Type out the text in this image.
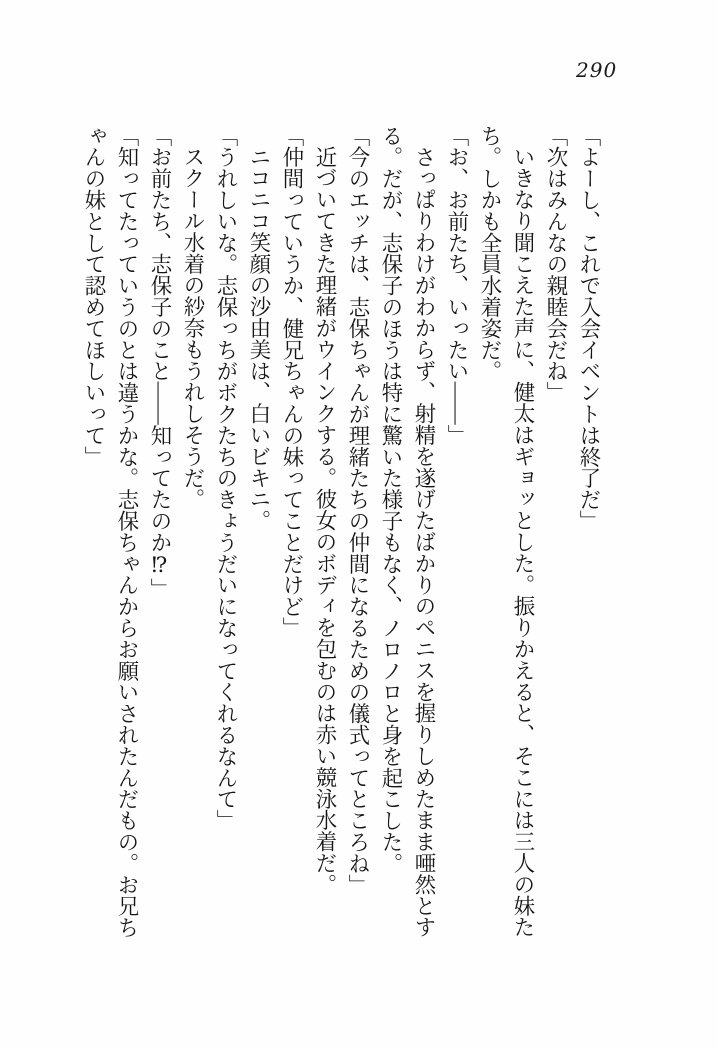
290

「よーし、これで入会イベントは終了だ」

「次はみんなの親睦会だね」

いきなり聞こえた声に、健太はギョッとした。振りかえると、そこには三人の妹たち。しかも全員水着姿だ。

「お、お前たち、いったい——」

さっぱりわけがわからず、射精を遂げたばかりのペニスを握りしめたまま唖然とする。だが、志保子のほうは特に驚いた様子もなく、ノロノロと身を起こした。

「今のエッチは、志保ちゃんが理緒たちの仲間になるための儀式ってところね」

近づいてきた理緒がウインクする。彼女のボディを包むのは赤い競泳水着だ。

「仲間っていうか、健兄ちゃんの妹ってことだけど」

ニコニコ笑顔の沙由美は、白いビキニ。

「うれしいな。志保っちがボクたちのきょうだいになってくれるなんて」

スクール水着の紗奈もうれしそうだ。

「お前たち、志保子のこと——知ってたのか⁉」

「知ってたっていうのとは違うかな。志保ちゃんからお願いされたんだもの。お兄ちゃんの妹として認めてほしいって」
